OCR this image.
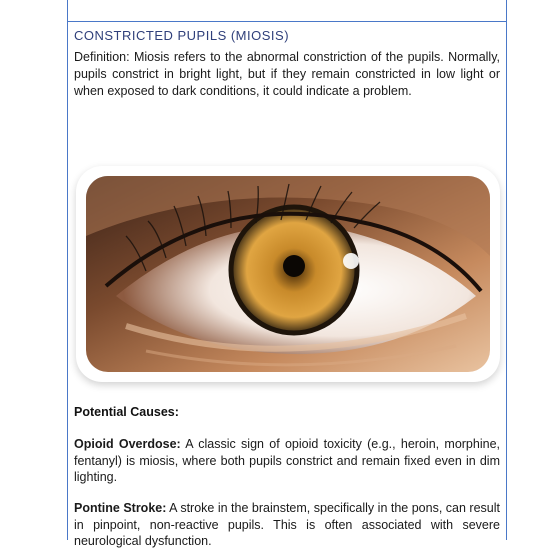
CONSTRICTED PUPILS (MIOSIS)
Definition: Miosis refers to the abnormal constriction of the pupils. Normally, pupils constrict in bright light, but if they remain constricted in low light or when exposed to dark conditions, it could indicate a problem.
Potential Causes:
Opioid Overdose: A classic sign of opioid toxicity (e.g., heroin, morphine, fentanyl) is miosis, where both pupils constrict and remain fixed even in dim lighting.
Pontine Stroke: A stroke in the brainstem, specifically in the pons, can result in pinpoint, non-reactive pupils. This is often associated with severe neurological dysfunction.
